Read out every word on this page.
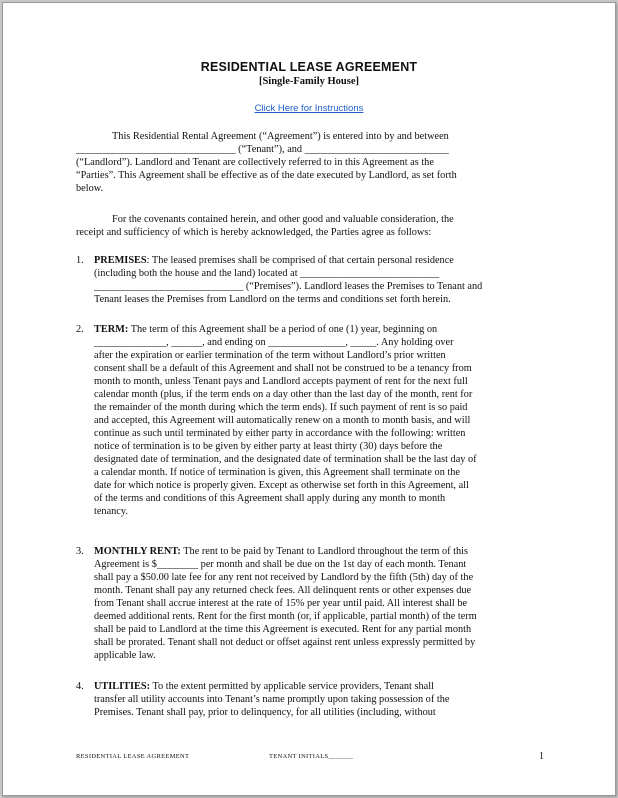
RESIDENTIAL LEASE AGREEMENT
[Single-Family House]
Click Here for Instructions
This Residential Rental Agreement (“Agreement”) is entered into by and between
_______________________________ (“Tenant”), and ____________________________
(“Landlord”). Landlord and Tenant are collectively referred to in this Agreement as the
“Parties”. This Agreement shall be effective as of the date executed by Landlord, as set forth
below.
For the covenants contained herein, and other good and valuable consideration, the
receipt and sufficiency of which is hereby acknowledged, the Parties agree as follows:
1. PREMISES: The leased premises shall be comprised of that certain personal residence
(including both the house and the land) located at ___________________________
_____________________________ (“Premises”). Landlord leases the Premises to Tenant and
Tenant leases the Premises from Landlord on the terms and conditions set forth herein.
2. TERM: The term of this Agreement shall be a period of one (1) year, beginning on
______________, ______, and ending on _______________, _____. Any holding over
after the expiration or earlier termination of the term without Landlord’s prior written
consent shall be a default of this Agreement and shall not be construed to be a tenancy from
month to month, unless Tenant pays and Landlord accepts payment of rent for the next full
calendar month (plus, if the term ends on a day other than the last day of the month, rent for
the remainder of the month during which the term ends). If such payment of rent is so paid
and accepted, this Agreement will automatically renew on a month to month basis, and will
continue as such until terminated by either party in accordance with the following: written
notice of termination is to be given by either party at least thirty (30) days before the
designated date of termination, and the designated date of termination shall be the last day of
a calendar month. If notice of termination is given, this Agreement shall terminate on the
date for which notice is properly given. Except as otherwise set forth in this Agreement, all
of the terms and conditions of this Agreement shall apply during any month to month
tenancy.
3. MONTHLY RENT: The rent to be paid by Tenant to Landlord throughout the term of this
Agreement is $________ per month and shall be due on the 1st day of each month. Tenant
shall pay a $50.00 late fee for any rent not received by Landlord by the fifth (5th) day of the
month. Tenant shall pay any returned check fees. All delinquent rents or other expenses due
from Tenant shall accrue interest at the rate of 15% per year until paid. All interest shall be
deemed additional rents. Rent for the first month (or, if applicable, partial month) of the term
shall be paid to Landlord at the time this Agreement is executed. Rent for any partial month
shall be prorated. Tenant shall not deduct or offset against rent unless expressly permitted by
applicable law.
4. UTILITIES: To the extent permitted by applicable service providers, Tenant shall
transfer all utility accounts into Tenant’s name promptly upon taking possession of the
Premises. Tenant shall pay, prior to delinquency, for all utilities (including, without
RESIDENTIAL LEASE AGREEMENT	TENANT INITIALS_______	1
